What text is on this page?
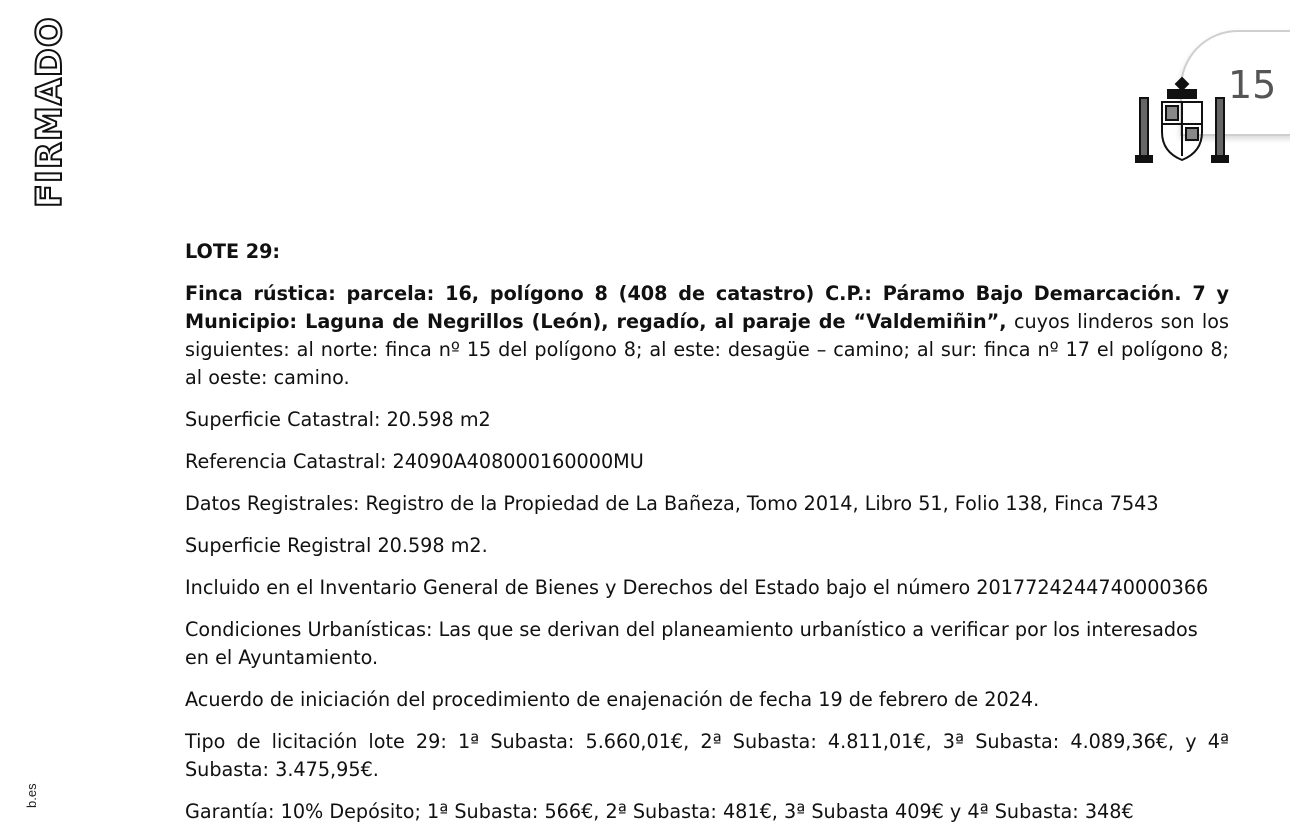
FIRMADO
b.es
15

LOTE 29:

Finca rústica: parcela: 16, polígono 8 (408 de catastro) C.P.: Páramo Bajo Demarcación. 7 y Municipio: Laguna de Negrillos (León), regadío, al paraje de “Valdemiñin”, cuyos linderos son los siguientes: al norte: finca nº 15 del polígono 8; al este: desagüe – camino; al sur: finca nº 17 el polígono 8; al oeste: camino.

Superficie Catastral: 20.598 m2

Referencia Catastral: 24090A408000160000MU

Datos Registrales: Registro de la Propiedad de La Bañeza, Tomo 2014, Libro 51, Folio 138, Finca 7543

Superficie Registral 20.598 m2.

Incluido en el Inventario General de Bienes y Derechos del Estado bajo el número 2017724244740000366

Condiciones Urbanísticas: Las que se derivan del planeamiento urbanístico a verificar por los interesados en el Ayuntamiento.

Acuerdo de iniciación del procedimiento de enajenación de fecha 19 de febrero de 2024.

Tipo de licitación lote 29: 1ª Subasta: 5.660,01€, 2ª Subasta: 4.811,01€, 3ª Subasta: 4.089,36€, y 4ª Subasta: 3.475,95€.

Garantía: 10% Depósito; 1ª Subasta: 566€, 2ª Subasta: 481€, 3ª Subasta 409€ y 4ª Subasta: 348€
